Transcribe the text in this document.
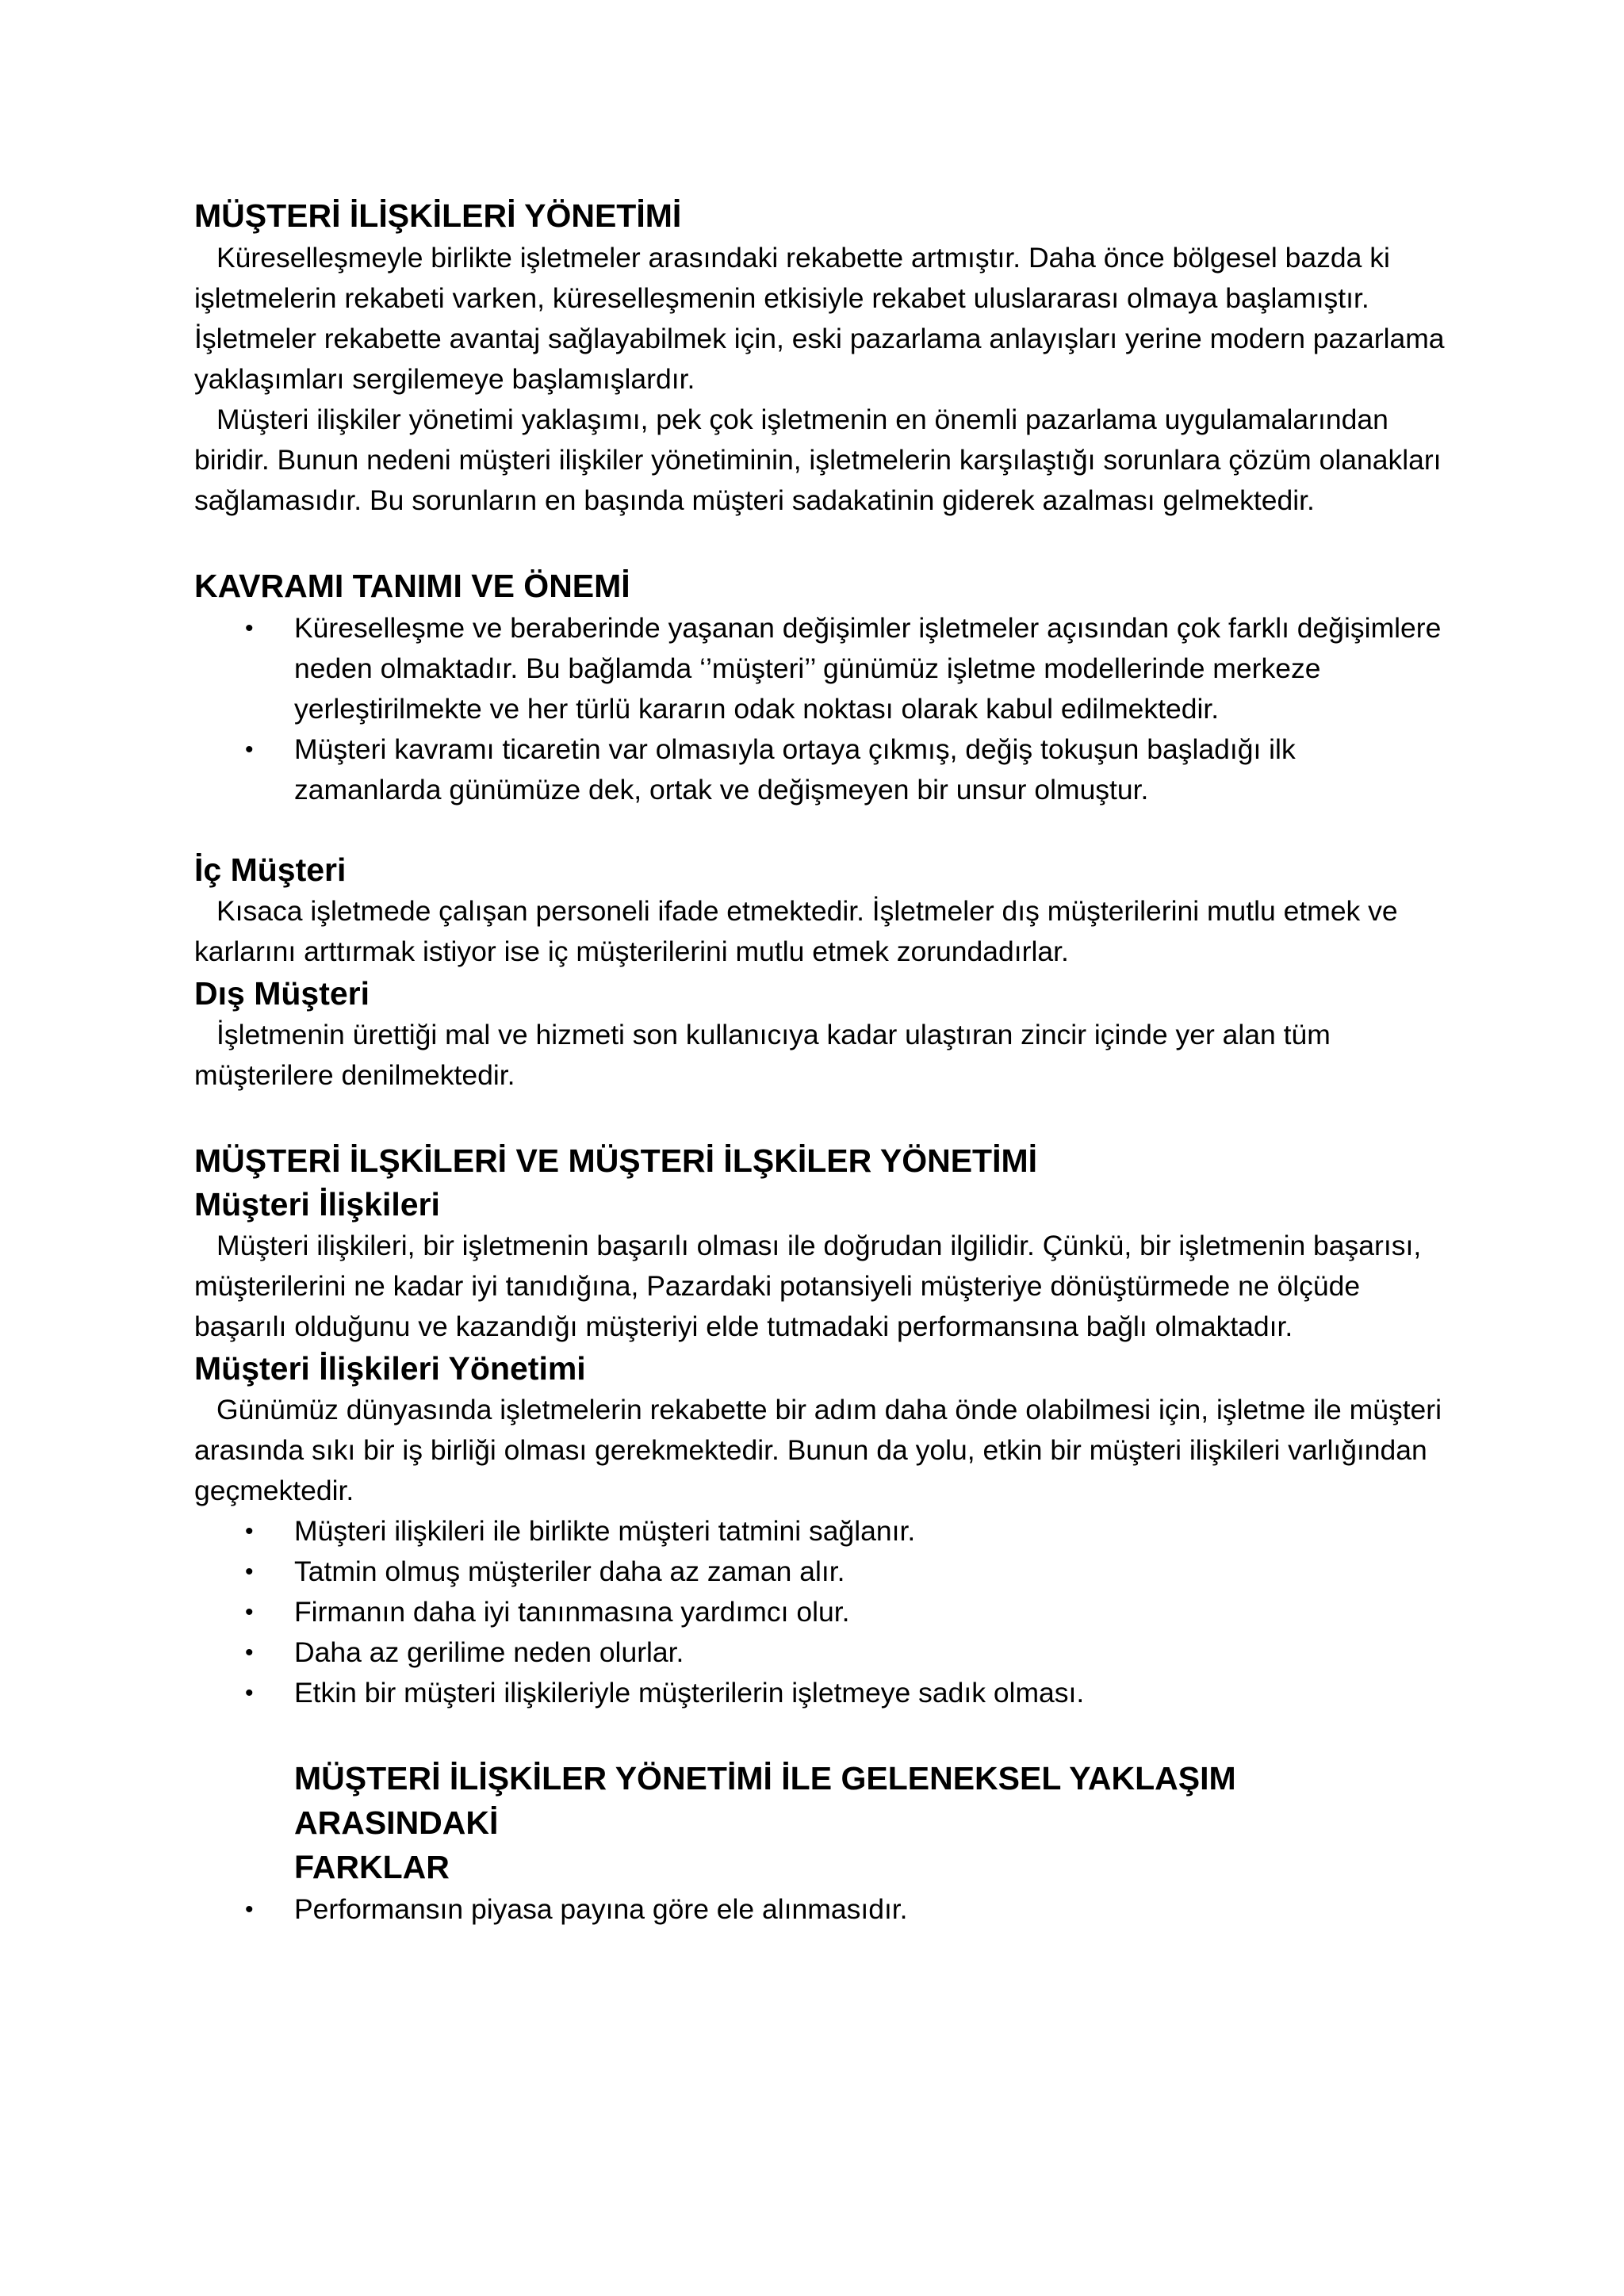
MÜŞTERİ İLİŞKİLERİ YÖNETİMİ

Küreselleşmeyle birlikte işletmeler arasındaki rekabette artmıştır. Daha önce bölgesel bazda ki işletmelerin rekabeti varken, küreselleşmenin etkisiyle rekabet uluslararası olmaya başlamıştır. İşletmeler rekabette avantaj sağlayabilmek için, eski pazarlama anlayışları yerine modern pazarlama yaklaşımları sergilemeye başlamışlardır.

Müşteri ilişkiler yönetimi yaklaşımı, pek çok işletmenin en önemli pazarlama uygulamalarından biridir. Bunun nedeni müşteri ilişkiler yönetiminin, işletmelerin karşılaştığı sorunlara çözüm olanakları sağlamasıdır. Bu sorunların en başında müşteri sadakatinin giderek azalması gelmektedir.

KAVRAMI TANIMI VE ÖNEMİ
• Küreselleşme ve beraberinde yaşanan değişimler işletmeler açısından çok farklı değişimlere neden olmaktadır. Bu bağlamda ‘’müşteri’’ günümüz işletme modellerinde merkeze yerleştirilmekte ve her türlü kararın odak noktası olarak kabul edilmektedir.
• Müşteri kavramı ticaretin var olmasıyla ortaya çıkmış, değiş tokuşun başladığı ilk zamanlarda günümüze dek, ortak ve değişmeyen bir unsur olmuştur.
İç Müşteri

Kısaca işletmede çalışan personeli ifade etmektedir. İşletmeler dış müşterilerini mutlu etmek ve karlarını arttırmak istiyor ise iç müşterilerini mutlu etmek zorundadırlar.

Dış Müşteri

İşletmenin ürettiği mal ve hizmeti son kullanıcıya kadar ulaştıran zincir içinde yer alan tüm müşterilere denilmektedir.

MÜŞTERİ İLŞKİLERİ VE MÜŞTERİ İLŞKİLER YÖNETİMİ
Müşteri İlişkileri

Müşteri ilişkileri, bir işletmenin başarılı olması ile doğrudan ilgilidir. Çünkü, bir işletmenin başarısı, müşterilerini ne kadar iyi tanıdığına, Pazardaki potansiyeli müşteriye dönüştürmede ne ölçüde başarılı olduğunu ve kazandığı müşteriyi elde tutmadaki performansına bağlı olmaktadır.

Müşteri İlişkileri Yönetimi

Günümüz dünyasında işletmelerin rekabette bir adım daha önde olabilmesi için, işletme ile müşteri arasında sıkı bir iş birliği olması gerekmektedir. Bunun da yolu, etkin bir müşteri ilişkileri varlığından geçmektedir.

• Müşteri ilişkileri ile birlikte müşteri tatmini sağlanır.
• Tatmin olmuş müşteriler daha az zaman alır.
• Firmanın daha iyi tanınmasına yardımcı olur.
• Daha az gerilime neden olurlar.
• Etkin bir müşteri ilişkileriyle müşterilerin işletmeye sadık olması.
MÜŞTERİ İLİŞKİLER YÖNETİMİ İLE GELENEKSEL YAKLAŞIM ARASINDAKİ
FARKLAR
• Performansın piyasa payına göre ele alınmasıdır.
